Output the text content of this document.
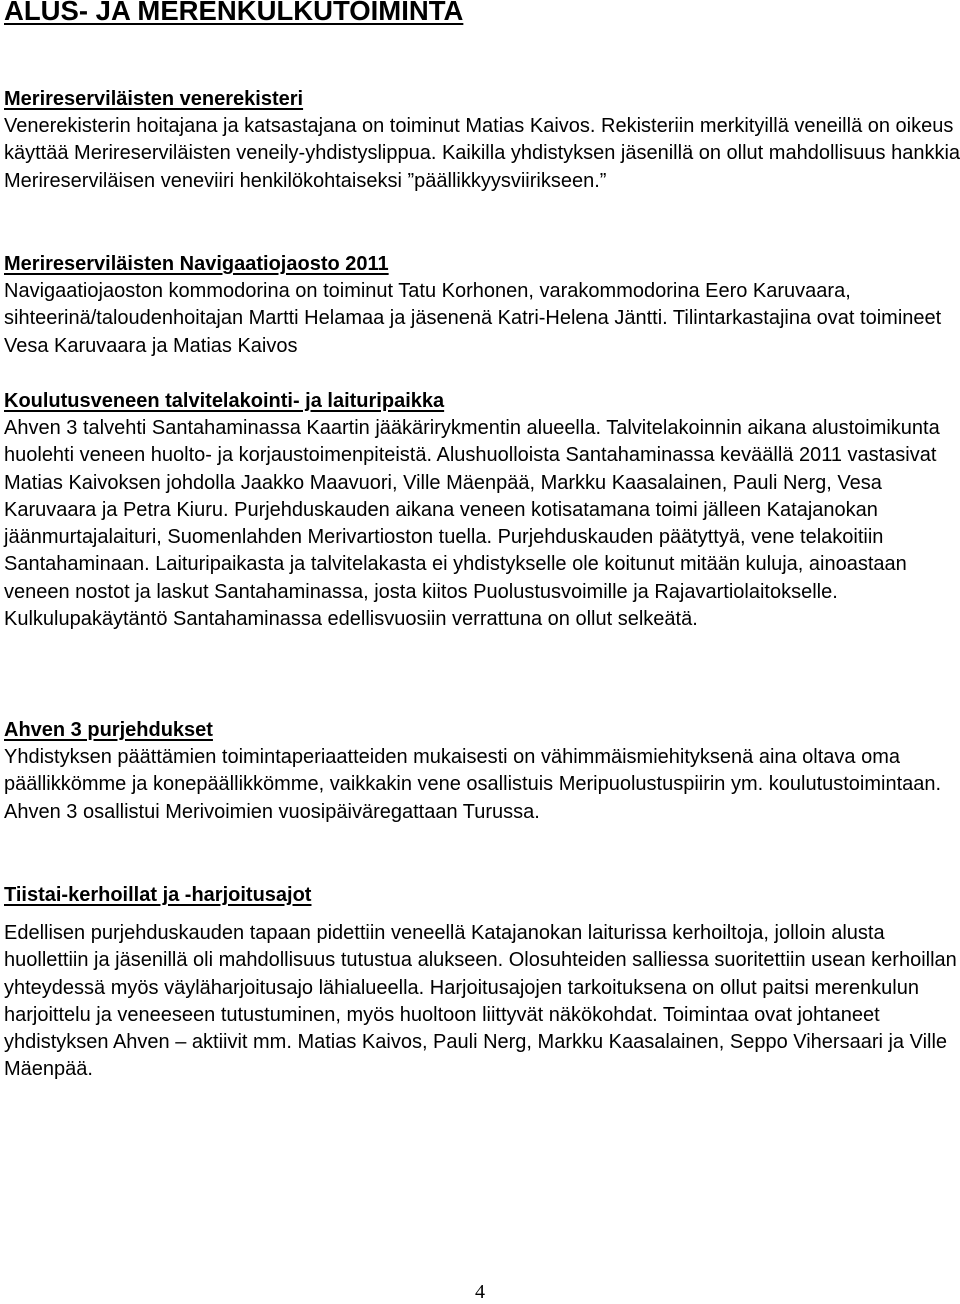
ALUS- JA MERENKULKUTOIMINTA
Merireserviläisten venerekisteri
Venerekisterin hoitajana ja katsastajana on toiminut Matias Kaivos. Rekisteriin merkityillä veneillä on oikeus käyttää Merireserviläisten veneily-yhdistyslippua. Kaikilla yhdistyksen jäsenillä on ollut mahdollisuus hankkia Merireserviläisen veneviiri henkilökohtaiseksi ”päällikkyysviirikseen.”
Merireserviläisten Navigaatiojaosto 2011
Navigaatiojaoston kommodorina on toiminut Tatu Korhonen, varakommodorina Eero Karuvaara, sihteerinä/taloudenhoitajan Martti Helamaa ja jäsenenä Katri-Helena Jäntti. Tilintarkastajina ovat toimineet Vesa Karuvaara ja Matias Kaivos
Koulutusveneen talvitelakointi- ja laituripaikka
Ahven 3 talvehti Santahaminassa Kaartin jääkärirykmentin alueella. Talvitelakoinnin aikana alustoimikunta huolehti veneen huolto- ja korjaustoimenpiteistä. Alushuolloista Santahaminassa keväällä 2011 vastasivat Matias Kaivoksen johdolla Jaakko Maavuori, Ville Mäenpää, Markku Kaasalainen, Pauli Nerg, Vesa Karuvaara ja Petra Kiuru. Purjehduskauden aikana veneen kotisatamana toimi jälleen Katajanokan jäänmurtajalaituri, Suomenlahden Merivartioston tuella. Purjehduskauden päätyttyä, vene telakoitiin Santahaminaan. Laituripaikasta ja talvitelakasta ei yhdistykselle ole koitunut mitään kuluja, ainoastaan veneen nostot ja laskut Santahaminassa, josta kiitos Puolustusvoimille ja Rajavartiolaitokselle. Kulkulupakäytäntö Santahaminassa edellisvuosiin verrattuna on ollut selkeätä.
Ahven 3 purjehdukset
Yhdistyksen päättämien toimintaperiaatteiden mukaisesti on vähimmäismiehityksenä aina oltava oma päällikkömme ja konepäällikkömme, vaikkakin vene osallistuis Meripuolustuspiirin ym. koulutustoimintaan. Ahven 3 osallistui Merivoimien vuosipäiväregattaan Turussa.
Tiistai-kerhoillat ja -harjoitusajot
Edellisen purjehduskauden tapaan pidettiin veneellä Katajanokan laiturissa kerhoiltoja, jolloin alusta huollettiin ja jäsenillä oli mahdollisuus tutustua alukseen. Olosuhteiden salliessa suoritettiin usean kerhoillan yhteydessä myös väyläharjoitusajo lähialueella. Harjoitusajojen tarkoituksena on ollut paitsi merenkulun harjoittelu ja veneeseen tutustuminen, myös huoltoon liittyvät näkökohdat. Toimintaa ovat johtaneet yhdistyksen Ahven – aktiivit mm. Matias Kaivos, Pauli Nerg, Markku Kaasalainen, Seppo Vihersaari ja Ville Mäenpää.
4
